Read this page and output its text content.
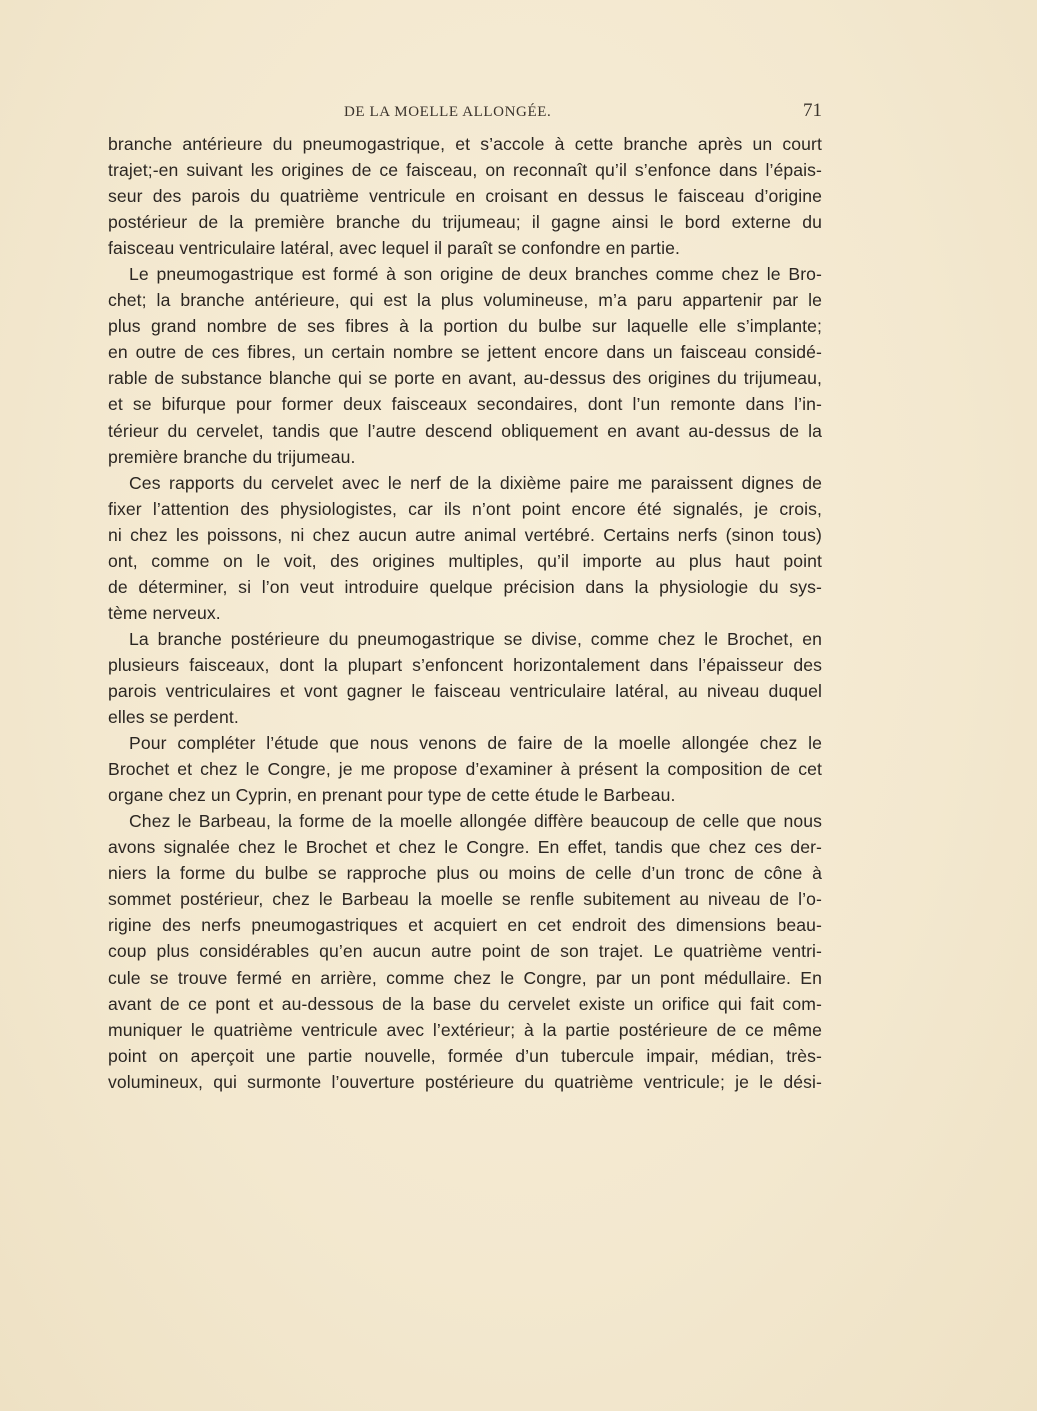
DE LA MOELLE ALLONGÉE.	71
branche antérieure du pneumogastrique, et s’accole à cette branche après un court
trajet;-en suivant les origines de ce faisceau, on reconnaît qu’il s’enfonce dans l’épais-
seur des parois du quatrième ventricule en croisant en dessus le faisceau d’origine
postérieur de la première branche du trijumeau; il gagne ainsi le bord externe du
faisceau ventriculaire latéral, avec lequel il paraît se confondre en partie.
Le pneumogastrique est formé à son origine de deux branches comme chez le Bro-
chet; la branche antérieure, qui est la plus volumineuse, m’a paru appartenir par le
plus grand nombre de ses fibres à la portion du bulbe sur laquelle elle s’implante;
en outre de ces fibres, un certain nombre se jettent encore dans un faisceau considé-
rable de substance blanche qui se porte en avant, au-dessus des origines du trijumeau,
et se bifurque pour former deux faisceaux secondaires, dont l’un remonte dans l’in-
térieur du cervelet, tandis que l’autre descend obliquement en avant au-dessus de la
première branche du trijumeau.
Ces rapports du cervelet avec le nerf de la dixième paire me paraissent dignes de
fixer l’attention des physiologistes, car ils n’ont point encore été signalés, je crois,
ni chez les poissons, ni chez aucun autre animal vertébré. Certains nerfs (sinon tous)
ont, comme on le voit, des origines multiples, qu’il importe au plus haut point
de déterminer, si l’on veut introduire quelque précision dans la physiologie du sys-
tème nerveux.
La branche postérieure du pneumogastrique se divise, comme chez le Brochet, en
plusieurs faisceaux, dont la plupart s’enfoncent horizontalement dans l’épaisseur des
parois ventriculaires et vont gagner le faisceau ventriculaire latéral, au niveau duquel
elles se perdent.
Pour compléter l’étude que nous venons de faire de la moelle allongée chez le
Brochet et chez le Congre, je me propose d’examiner à présent la composition de cet
organe chez un Cyprin, en prenant pour type de cette étude le Barbeau.
Chez le Barbeau, la forme de la moelle allongée diffère beaucoup de celle que nous
avons signalée chez le Brochet et chez le Congre. En effet, tandis que chez ces der-
niers la forme du bulbe se rapproche plus ou moins de celle d’un tronc de cône à
sommet postérieur, chez le Barbeau la moelle se renfle subitement au niveau de l’o-
rigine des nerfs pneumogastriques et acquiert en cet endroit des dimensions beau-
coup plus considérables qu’en aucun autre point de son trajet. Le quatrième ventri-
cule se trouve fermé en arrière, comme chez le Congre, par un pont médullaire. En
avant de ce pont et au-dessous de la base du cervelet existe un orifice qui fait com-
muniquer le quatrième ventricule avec l’extérieur; à la partie postérieure de ce même
point on aperçoit une partie nouvelle, formée d’un tubercule impair, médian, très-
volumineux, qui surmonte l’ouverture postérieure du quatrième ventricule; je le dési-
